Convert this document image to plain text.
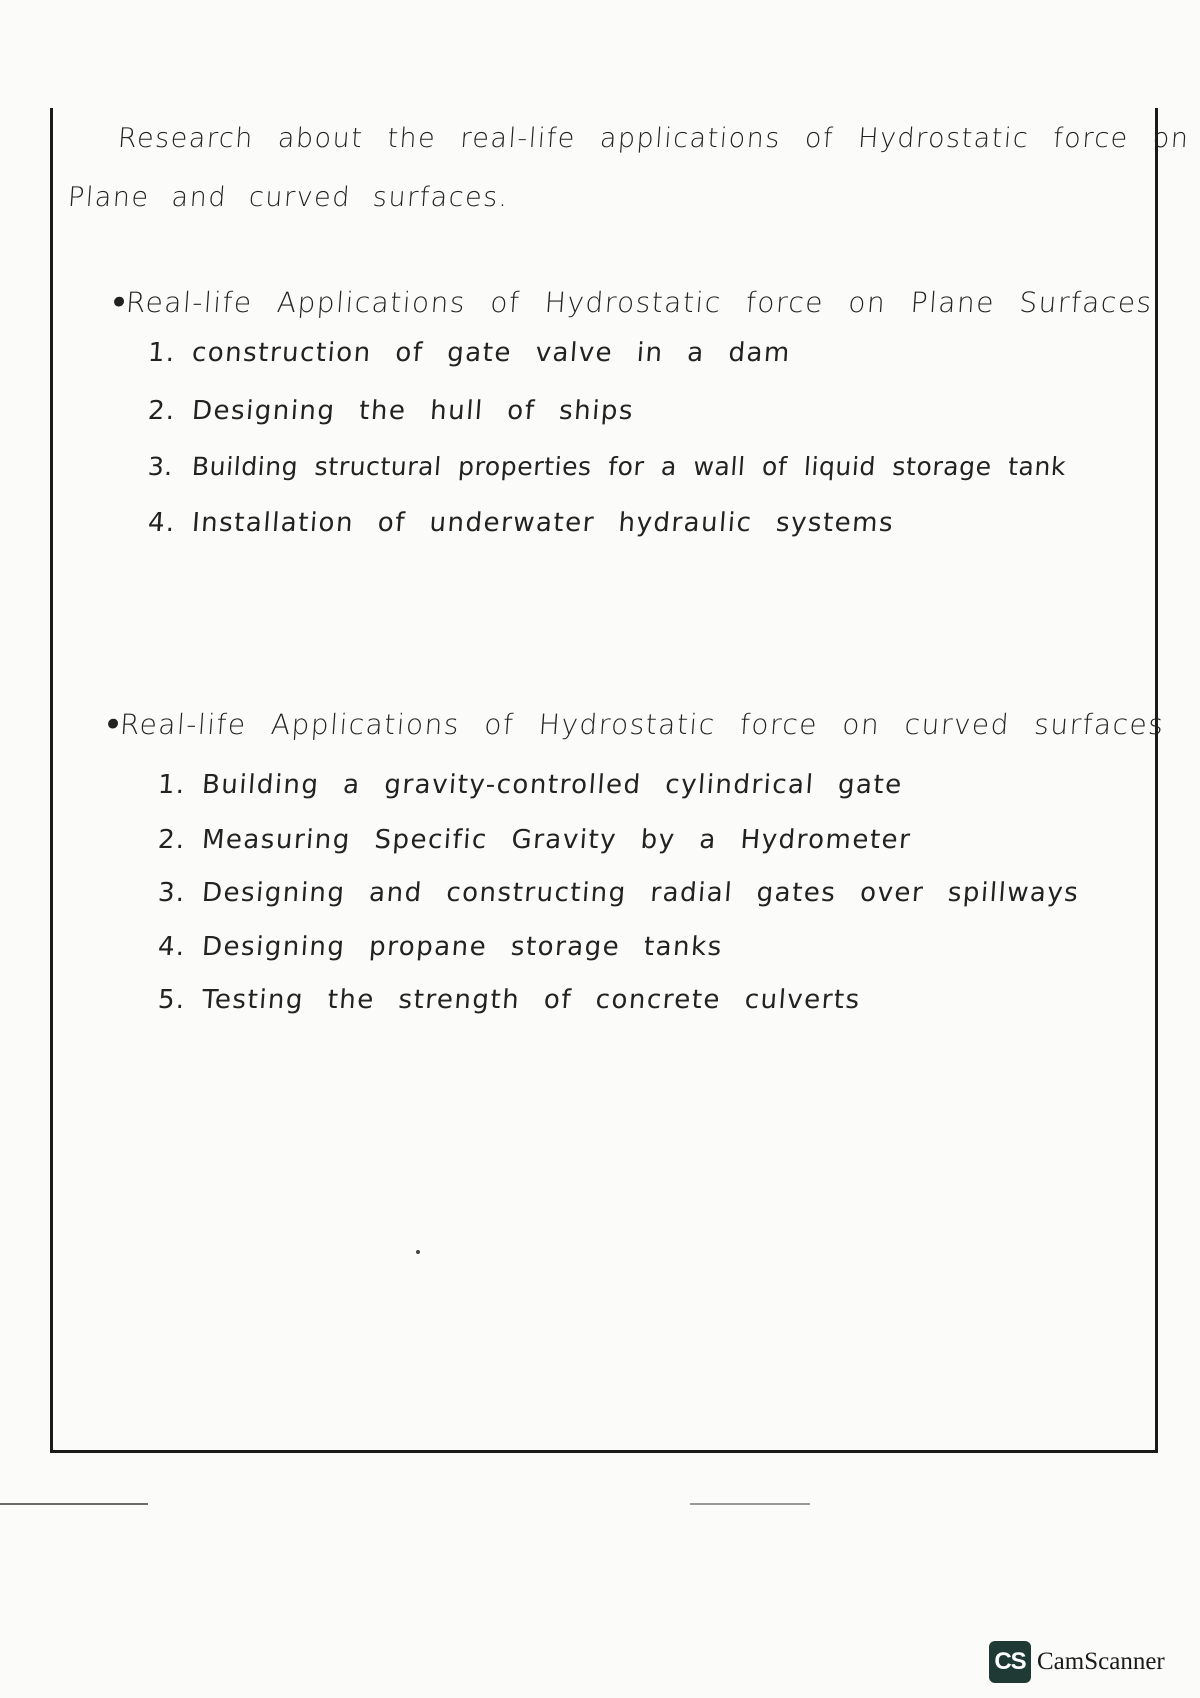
Research about the real-life applications of Hydrostatic force on
Plane and curved surfaces.
•Real-life Applications of Hydrostatic force on Plane Surfaces
1. construction of gate valve in a dam
2. Designing the hull of ships
3. Building structural properties for a wall of liquid storage tank
4. Installation of underwater hydraulic systems
•Real-life Applications of Hydrostatic force on curved surfaces
1. Building a gravity-controlled cylindrical gate
2. Measuring Specific Gravity by a Hydrometer
3. Designing and constructing radial gates over spillways
4. Designing propane storage tanks
5. Testing the strength of concrete culverts
CS CamScanner
